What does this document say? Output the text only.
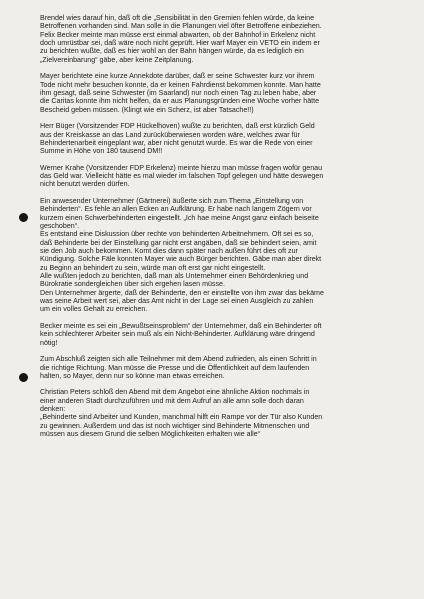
Brendel wies darauf hin, daß oft die „Sensibilität in den Gremien fehlen würde, da keine
Betroffenen vorhanden sind. Man solle in die Planungen viel öfter Betroffene einbeziehen.
Felix Becker meinte man müsse erst einmal abwarten, ob der Bahnhof in Erkelenz nicht
doch umrüstbar sei, daß wäre noch nicht geprüft. Hier warf Mayer ein VETO ein indem er
zu berichten wußte, daß es hier wohl an der Bahn hängen würde, da es lediglich ein
„Zielvereinbarung“ gäbe, aber keine Zeitplanung.

Mayer berichtete eine kurze Annekdote darüber, daß er seine Schwester kurz vor ihrem
Tode nicht mehr besuchen konnte, da er keinen Fahrdienst bekommen konnte. Man hatte
ihm gesagt, daß seine Schwester (im Saarland) nur noch einen Tag zu leben habe, aber
die Caritas konnte ihm nicht helfen, da er aus Planungsgründen eine Woche vorher hätte
Bescheid geben müssen. (Klingt wie ein Scherz, ist aber Tatsache!!)

Herr Büger (Vorsitzender FDP Hückelhoven) wußte zu berichten, daß erst kürzlich Geld
aus der Kreiskasse an das Land zurücküberwiesen worden wäre, welches zwar für
Behindertenarbeit eingeplant war, aber nicht genutzt wurde. Es war die Rede von einer
Summe in Höhe von 180 tausend DM!!

Werner Krahe (Vorsitzender FDP Erkelenz) meinte hierzu man müsse fragen wofür genau
das Geld war. Vielleicht hätte es mal wieder im falschen Topf gelegen und hätte deswegen
nicht benutzt werden dürfen.

Ein anwesender Unternehmer (Gärtnerei) äußerte sich zum Thema „Einstellung von
Behinderten“. Es fehle an allen Ecken an Aufklärung. Er habe nach langem Zögern vor
kurzem einen Schwerbehinderten eingestellt. „Ich hae meine Angst ganz einfach beiseite
geschoben“.
Es entstand eine Diskussion über rechte von behinderten Arbeitnehmern. Oft sei es so,
daß Behinderte bei der Einstellung gar nicht erst angäben, daß sie behindert seien, amit
sie den Job auch bekommen. Komt dies dann später nach außen führt dies oft zur
Kündigung. Solche Fäle konnten Mayer wie auch Bürger berichten. Gäbe man aber direkt
zu Beginn an behindert zu sein, würde man oft erst gar nicht eingestellt.
Alle wußten jedoch zu berichten, daß man als Unternehmer einen Behördenkrieg und
Bürokratie sondergleichen über sich ergehen lasen müsse.
Den Unternehmer ärgerte, daß der Behinderte, den er einstellte von ihm zwar das bekäme
was seine Arbeit wert sei, aber das Amt nicht in der Lage sei einen Ausgleich zu zahlen
um ein volles Gehalt zu erreichen.

Becker meinte es sei ein „Bewußtseinsproblem“ der Unternehmer, daß ein Behinderter oft
kein schlechterer Arbeiter sein muß als ein Nicht-Behinderter. Aufklärung wäre dringend
nötig!

Zum Abschluß zeigten sich alle Teilnehmer mit dem Abend zufrieden, als einen Schritt in
die richtige Richtung. Man müsse die Presse und die Öffentlichkeit auf dem laufenden
halten, so Mayer, denn nur so könne man etwas erreichen.

Christian Peters schloß den Abend mit dem Angebot eine ähnliche Aktion nochmals in
einer anderen Stadt durchzuführen und mit dem Aufruf an alle amn solle doch daran
denken:
„Behinderte sind Arbeiter und Kunden, manchmal hilft ein Rampe vor der Tür also Kunden
zu gewinnen. Außerdem und das ist noch wichtiger sind Behinderte Mitmenschen und
müssen aus diesem Grund die selben Möglichkeiten erhalten wie alle“
